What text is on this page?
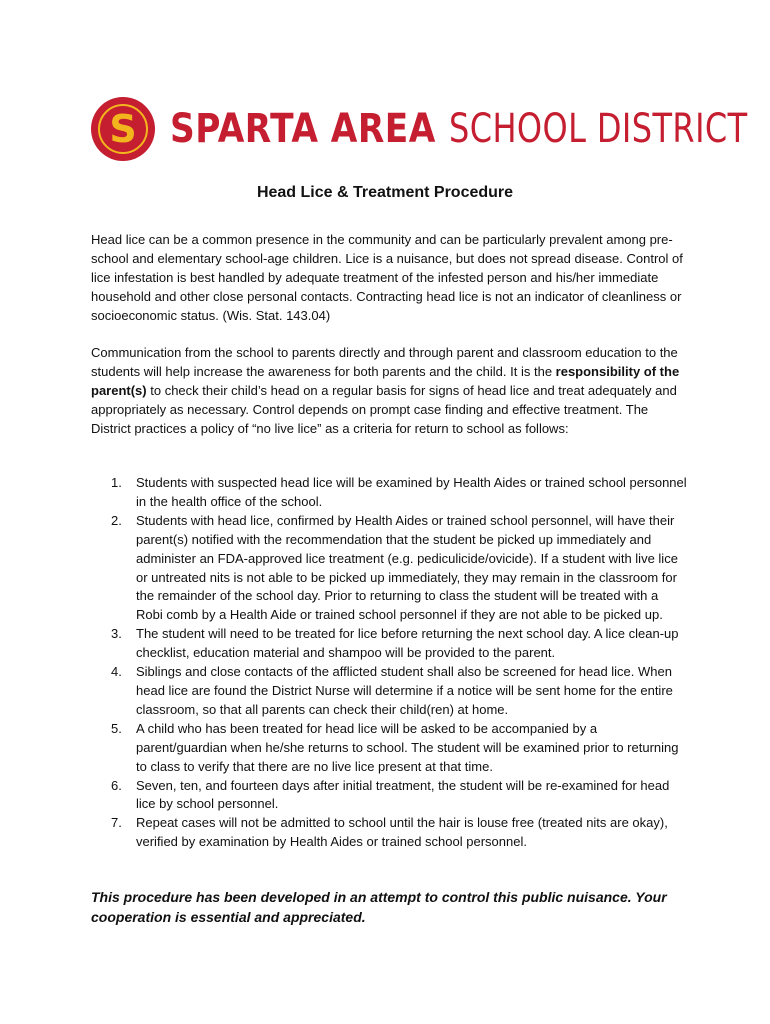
S SPARTA AREA SCHOOL DISTRICT
Head Lice & Treatment Procedure

Head lice can be a common presence in the community and can be particularly prevalent among pre-school and elementary school-age children. Lice is a nuisance, but does not spread disease. Control of lice infestation is best handled by adequate treatment of the infested person and his/her immediate household and other close personal contacts. Contracting head lice is not an indicator of cleanliness or socioeconomic status. (Wis. Stat. 143.04)

Communication from the school to parents directly and through parent and classroom education to the students will help increase the awareness for both parents and the child. It is the responsibility of the parent(s) to check their child’s head on a regular basis for signs of head lice and treat adequately and appropriately as necessary. Control depends on prompt case finding and effective treatment. The District practices a policy of “no live lice” as a criteria for return to school as follows:

1. Students with suspected head lice will be examined by Health Aides or trained school personnel in the health office of the school.
2. Students with head lice, confirmed by Health Aides or trained school personnel, will have their parent(s) notified with the recommendation that the student be picked up immediately and administer an FDA-approved lice treatment (e.g. pediculicide/ovicide). If a student with live lice or untreated nits is not able to be picked up immediately, they may remain in the classroom for the remainder of the school day. Prior to returning to class the student will be treated with a Robi comb by a Health Aide or trained school personnel if they are not able to be picked up.
3. The student will need to be treated for lice before returning the next school day. A lice clean-up checklist, education material and shampoo will be provided to the parent.
4. Siblings and close contacts of the afflicted student shall also be screened for head lice. When head lice are found the District Nurse will determine if a notice will be sent home for the entire classroom, so that all parents can check their child(ren) at home.
5. A child who has been treated for head lice will be asked to be accompanied by a parent/guardian when he/she returns to school. The student will be examined prior to returning to class to verify that there are no live lice present at that time.
6. Seven, ten, and fourteen days after initial treatment, the student will be re-examined for head lice by school personnel.
7. Repeat cases will not be admitted to school until the hair is louse free (treated nits are okay), verified by examination by Health Aides or trained school personnel.

This procedure has been developed in an attempt to control this public nuisance. Your cooperation is essential and appreciated.
